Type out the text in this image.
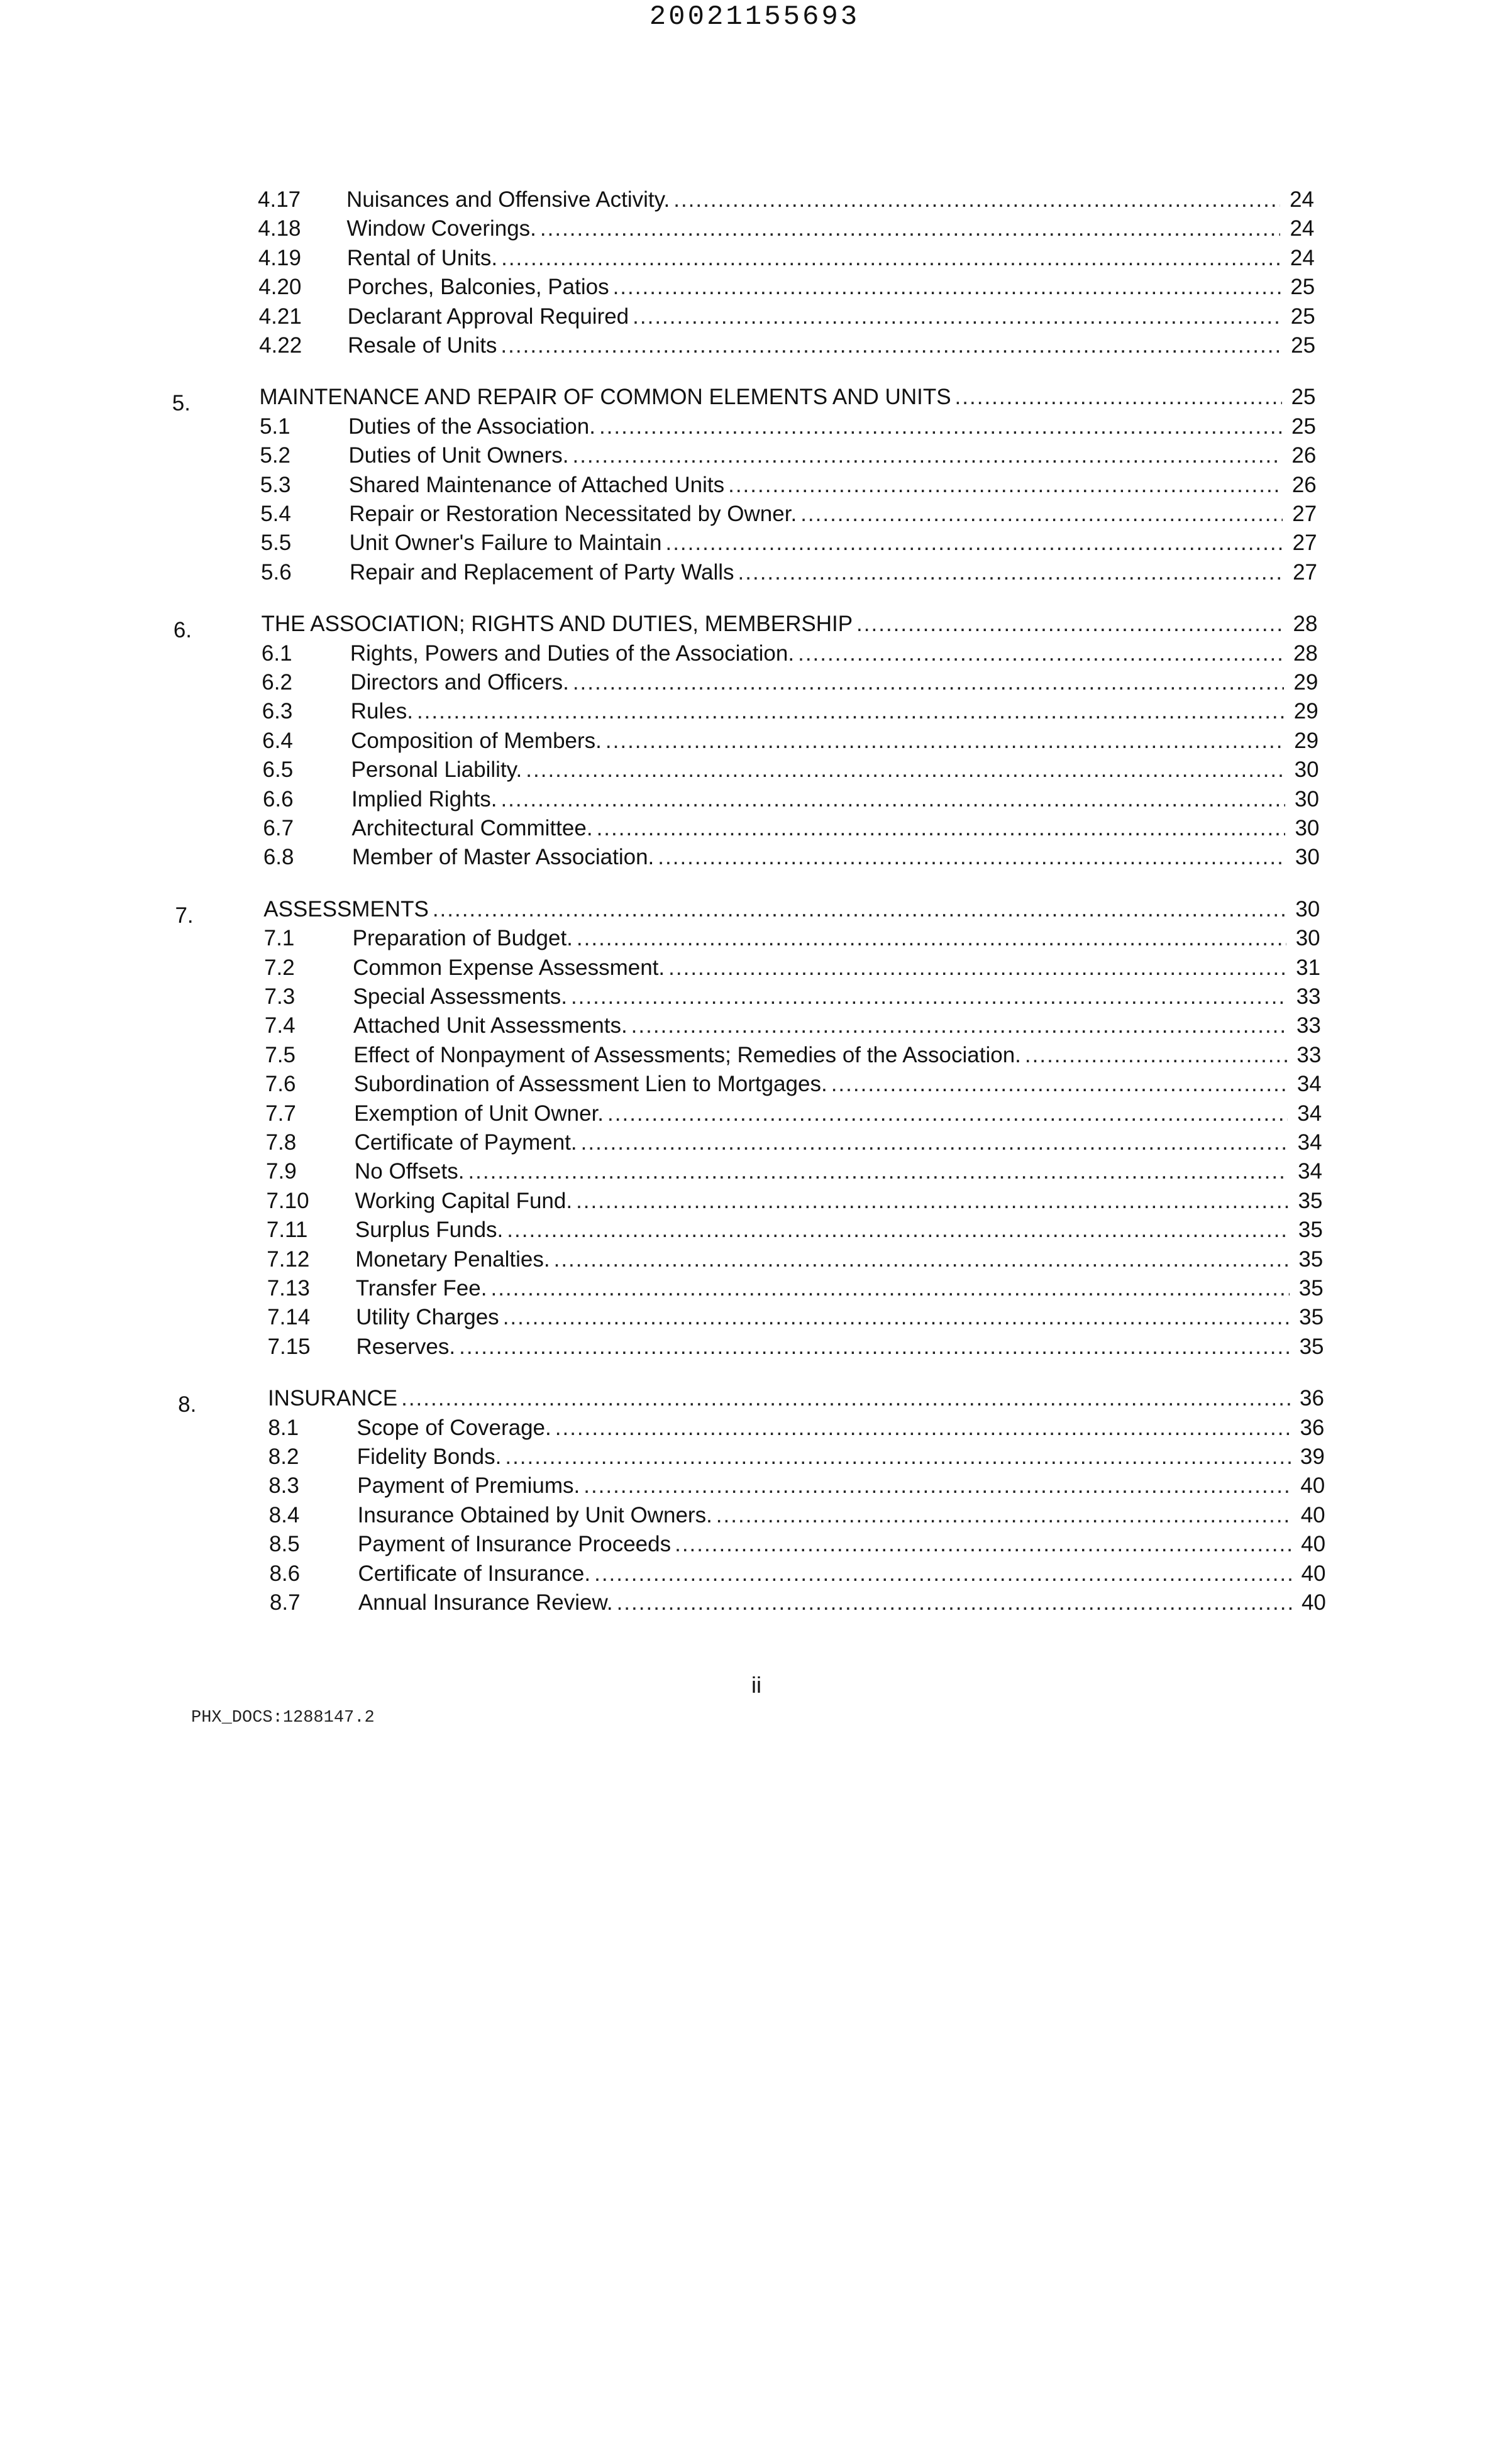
20021155693
4.17 Nuisances and Offensive Activity. .....	24
4.18 Window Coverings. .....	24
4.19 Rental of Units. .....	24
4.20 Porches, Balconies, Patios .....	25
4.21 Declarant Approval Required .....	25
4.22 Resale of Units .....	25
5.	MAINTENANCE AND REPAIR OF COMMON ELEMENTS AND UNITS .....	25
5.1	Duties of the Association. .....	25
5.2	Duties of Unit Owners. .....	26
5.3	Shared Maintenance of Attached Units .....	26
5.4	Repair or Restoration Necessitated by Owner. .....	27
5.5	Unit Owner's Failure to Maintain .....	27
5.6	Repair and Replacement of Party Walls .....	27
6.	THE ASSOCIATION; RIGHTS AND DUTIES, MEMBERSHIP .....	28
6.1	Rights, Powers and Duties of the Association. .....	28
6.2	Directors and Officers. .....	29
6.3	Rules. .....	29
6.4	Composition of Members. .....	29
6.5	Personal Liability. .....	30
6.6	Implied Rights. .....	30
6.7	Architectural Committee. .....	30
6.8	Member of Master Association. .....	30
7.	ASSESSMENTS .....	30
7.1	Preparation of Budget. .....	30
7.2	Common Expense Assessment. .....	31
7.3	Special Assessments. .....	33
7.4	Attached Unit Assessments. .....	33
7.5	Effect of Nonpayment of Assessments; Remedies of the Association. .....	33
7.6	Subordination of Assessment Lien to Mortgages. .....	34
7.7	Exemption of Unit Owner. .....	34
7.8	Certificate of Payment. .....	34
7.9	No Offsets. .....	34
7.10 Working Capital Fund. .....	35
7.11 Surplus Funds. .....	35
7.12 Monetary Penalties. .....	35
7.13 Transfer Fee. .....	35
7.14 Utility Charges .....	35
7.15 Reserves. .....	35
8.	INSURANCE .....	36
8.1	Scope of Coverage. .....	36
8.2	Fidelity Bonds. .....	39
8.3	Payment of Premiums. .....	40
8.4	Insurance Obtained by Unit Owners. .....	40
8.5	Payment of Insurance Proceeds .....	40
8.6	Certificate of Insurance. .....	40
8.7	Annual Insurance Review. .....	40
ii
PHX_DOCS:1288147.2
